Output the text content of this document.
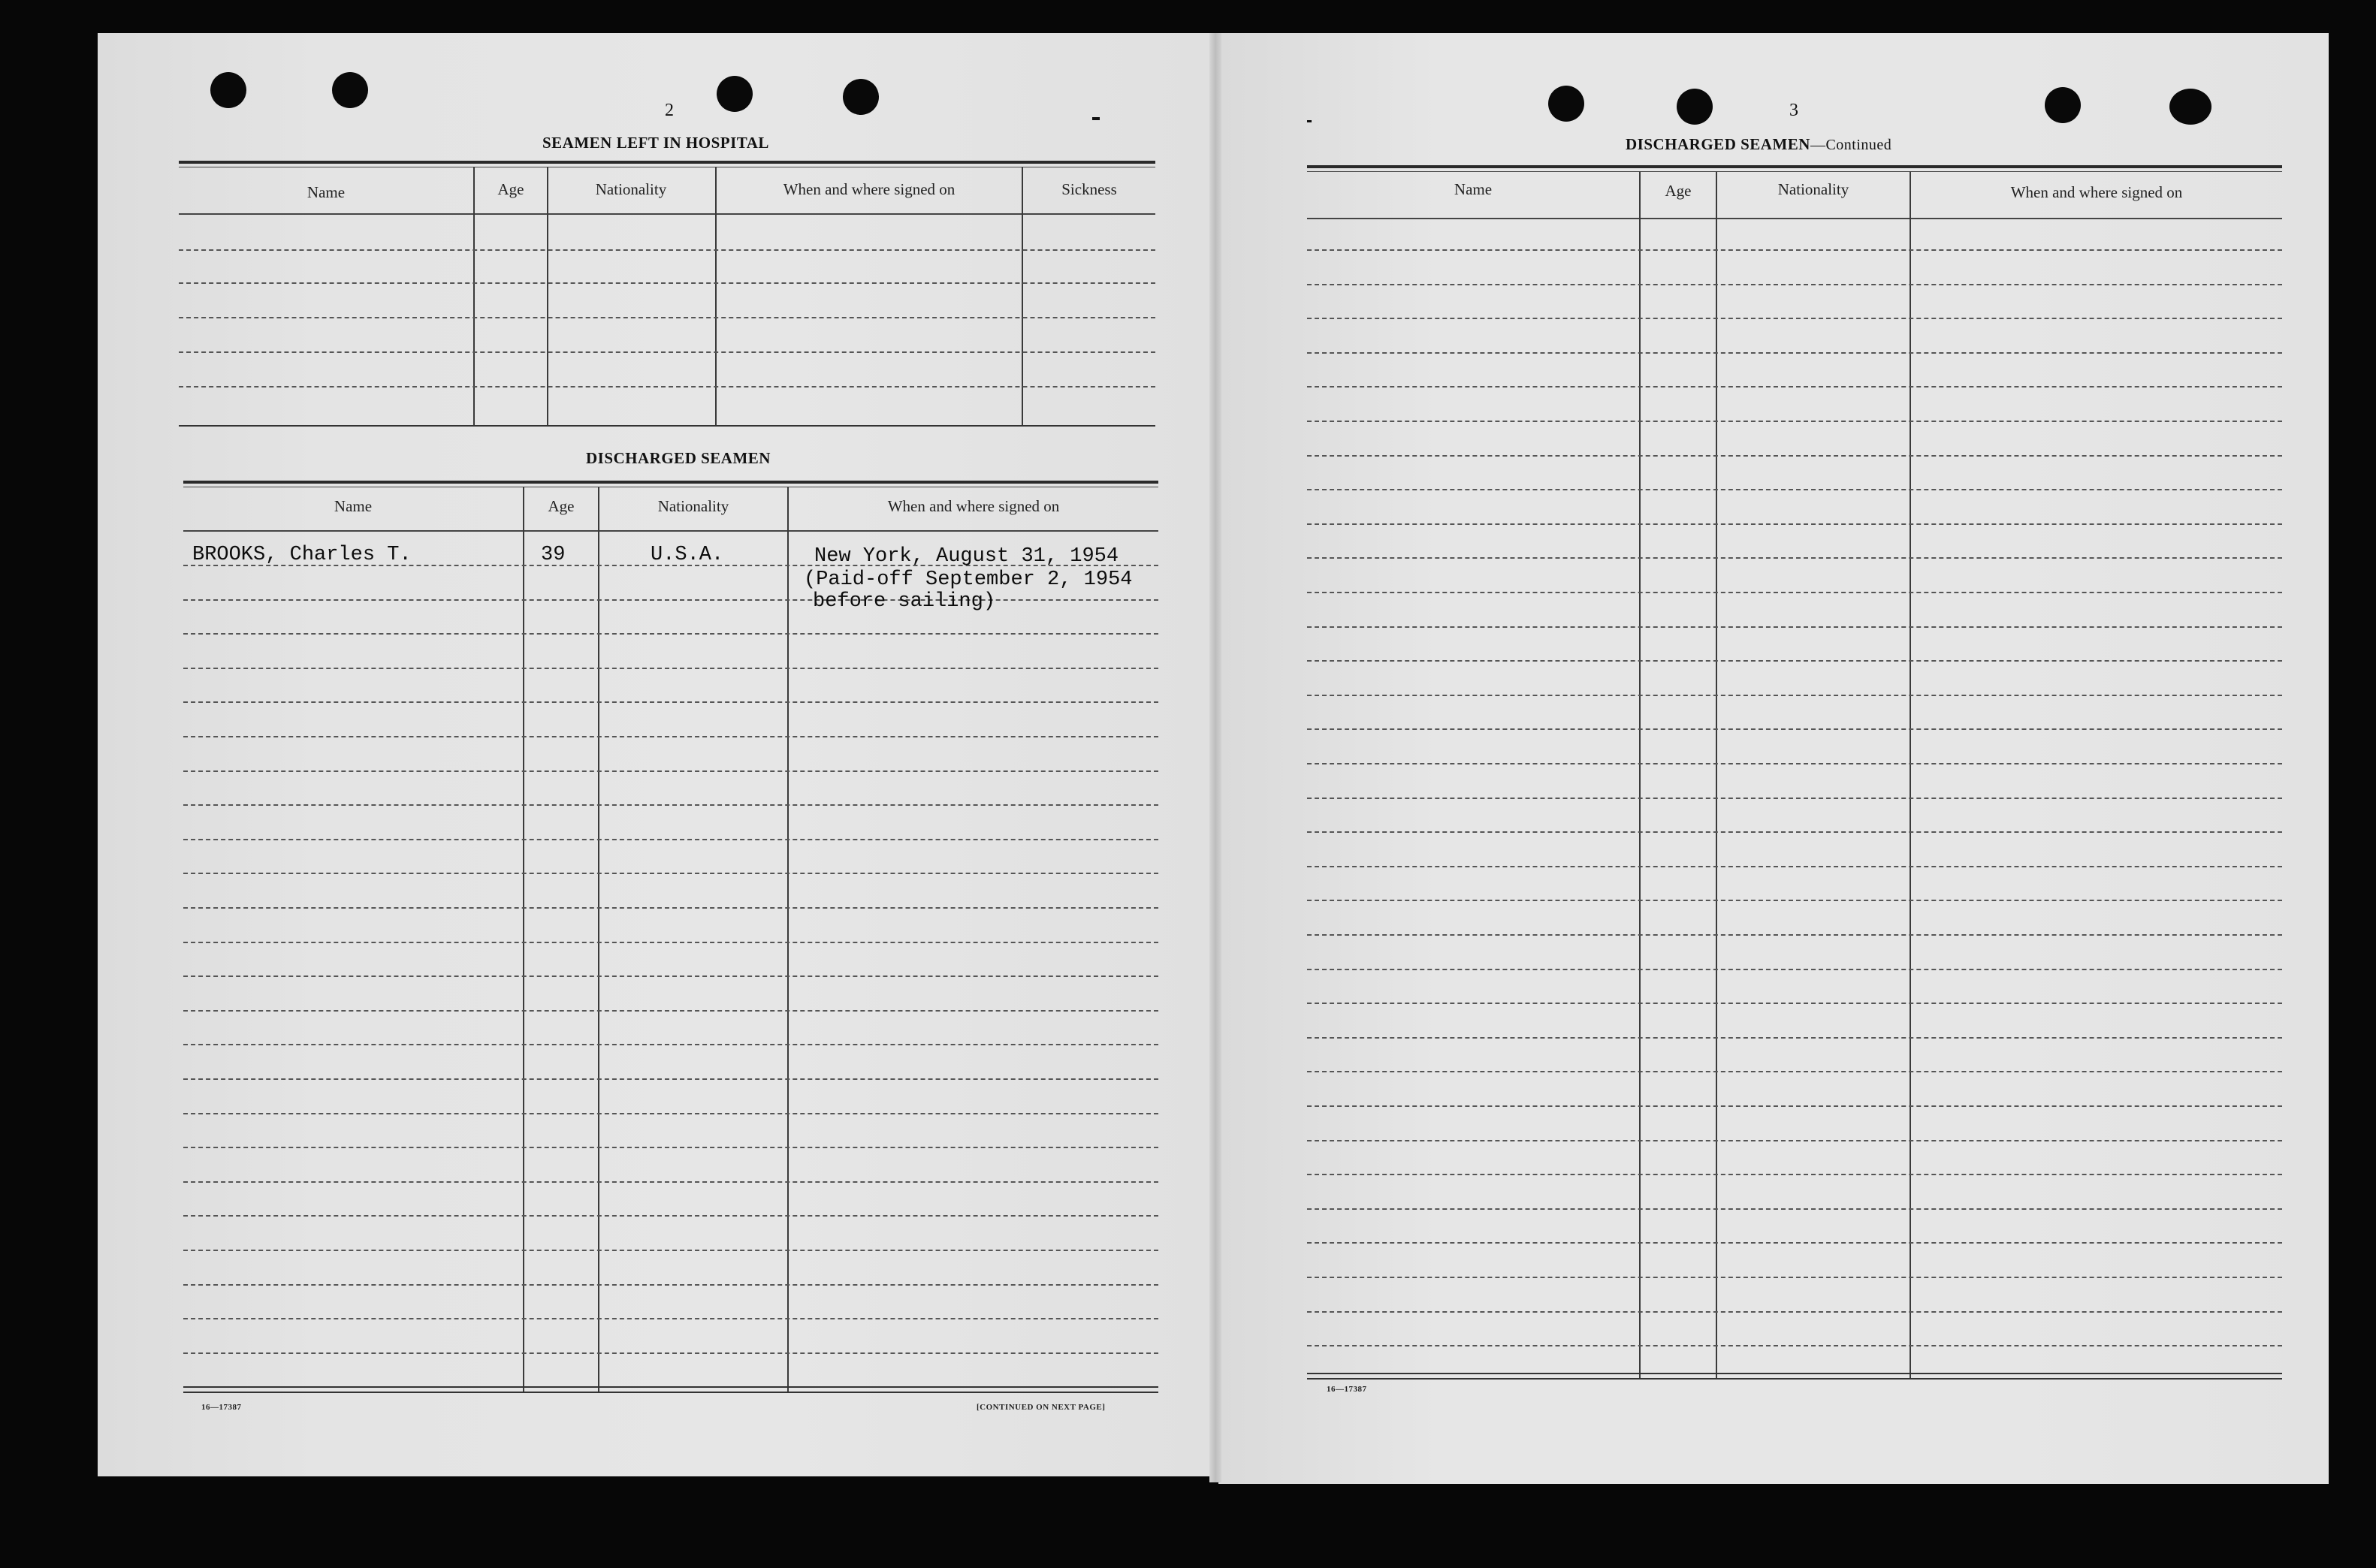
2
SEAMEN LEFT IN HOSPITAL
Name	Age	Nationality	When and where signed on	Sickness
DISCHARGED SEAMEN
Name	Age	Nationality	When and where signed on
BROOKS, Charles T.	39	U.S.A.	New York, August 31, 1954
(Paid-off September 2, 1954
before sailing)
16—17387	[CONTINUED ON NEXT PAGE]
3
DISCHARGED SEAMEN—Continued
Name	Age	Nationality	When and where signed on
16—17387
